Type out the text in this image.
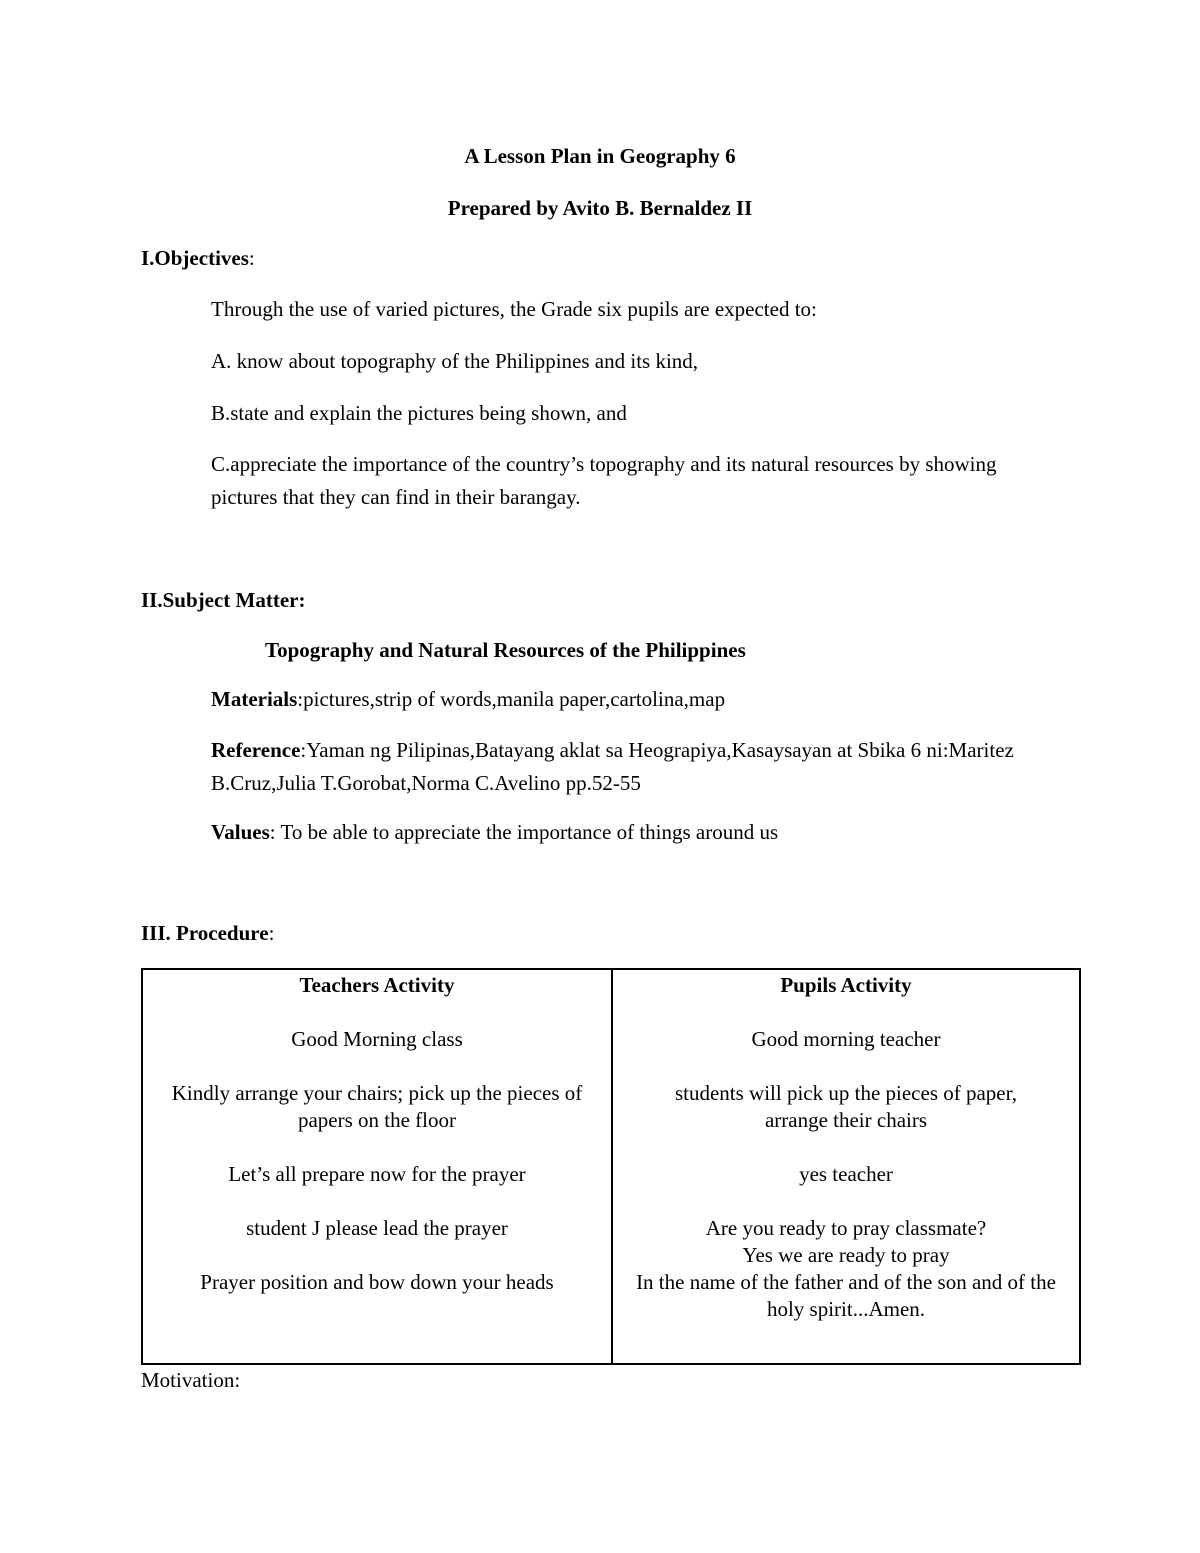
A Lesson Plan in Geography 6
Prepared by Avito B. Bernaldez II
I.Objectives:
Through the use of varied pictures, the Grade six pupils are expected to:
A. know about topography of the Philippines and its kind,
B.state and explain the pictures being shown, and
C.appreciate the importance of the country’s topography and its natural resources by showing pictures that they can find in their barangay.
II.Subject Matter:
Topography and Natural Resources of the Philippines
Materials:pictures,strip of words,manila paper,cartolina,map
Reference:Yaman ng Pilipinas,Batayang aklat sa Heograpiya,Kasaysayan at Sbika 6 ni:Maritez B.Cruz,Julia T.Gorobat,Norma C.Avelino pp.52-55
Values: To be able to appreciate the importance of things around us
III. Procedure:
Teachers Activity
Good Morning class
Kindly arrange your chairs; pick up the pieces of papers on the floor
Let’s all prepare now for the prayer
student J please lead the prayer
Prayer position and bow down your heads
Pupils Activity
Good morning teacher
students will pick up the pieces of paper, arrange their chairs
yes teacher
Are you ready to pray classmate?
Yes we are ready to pray
In the name of the father and of the son and of the holy spirit...Amen.
Motivation:
